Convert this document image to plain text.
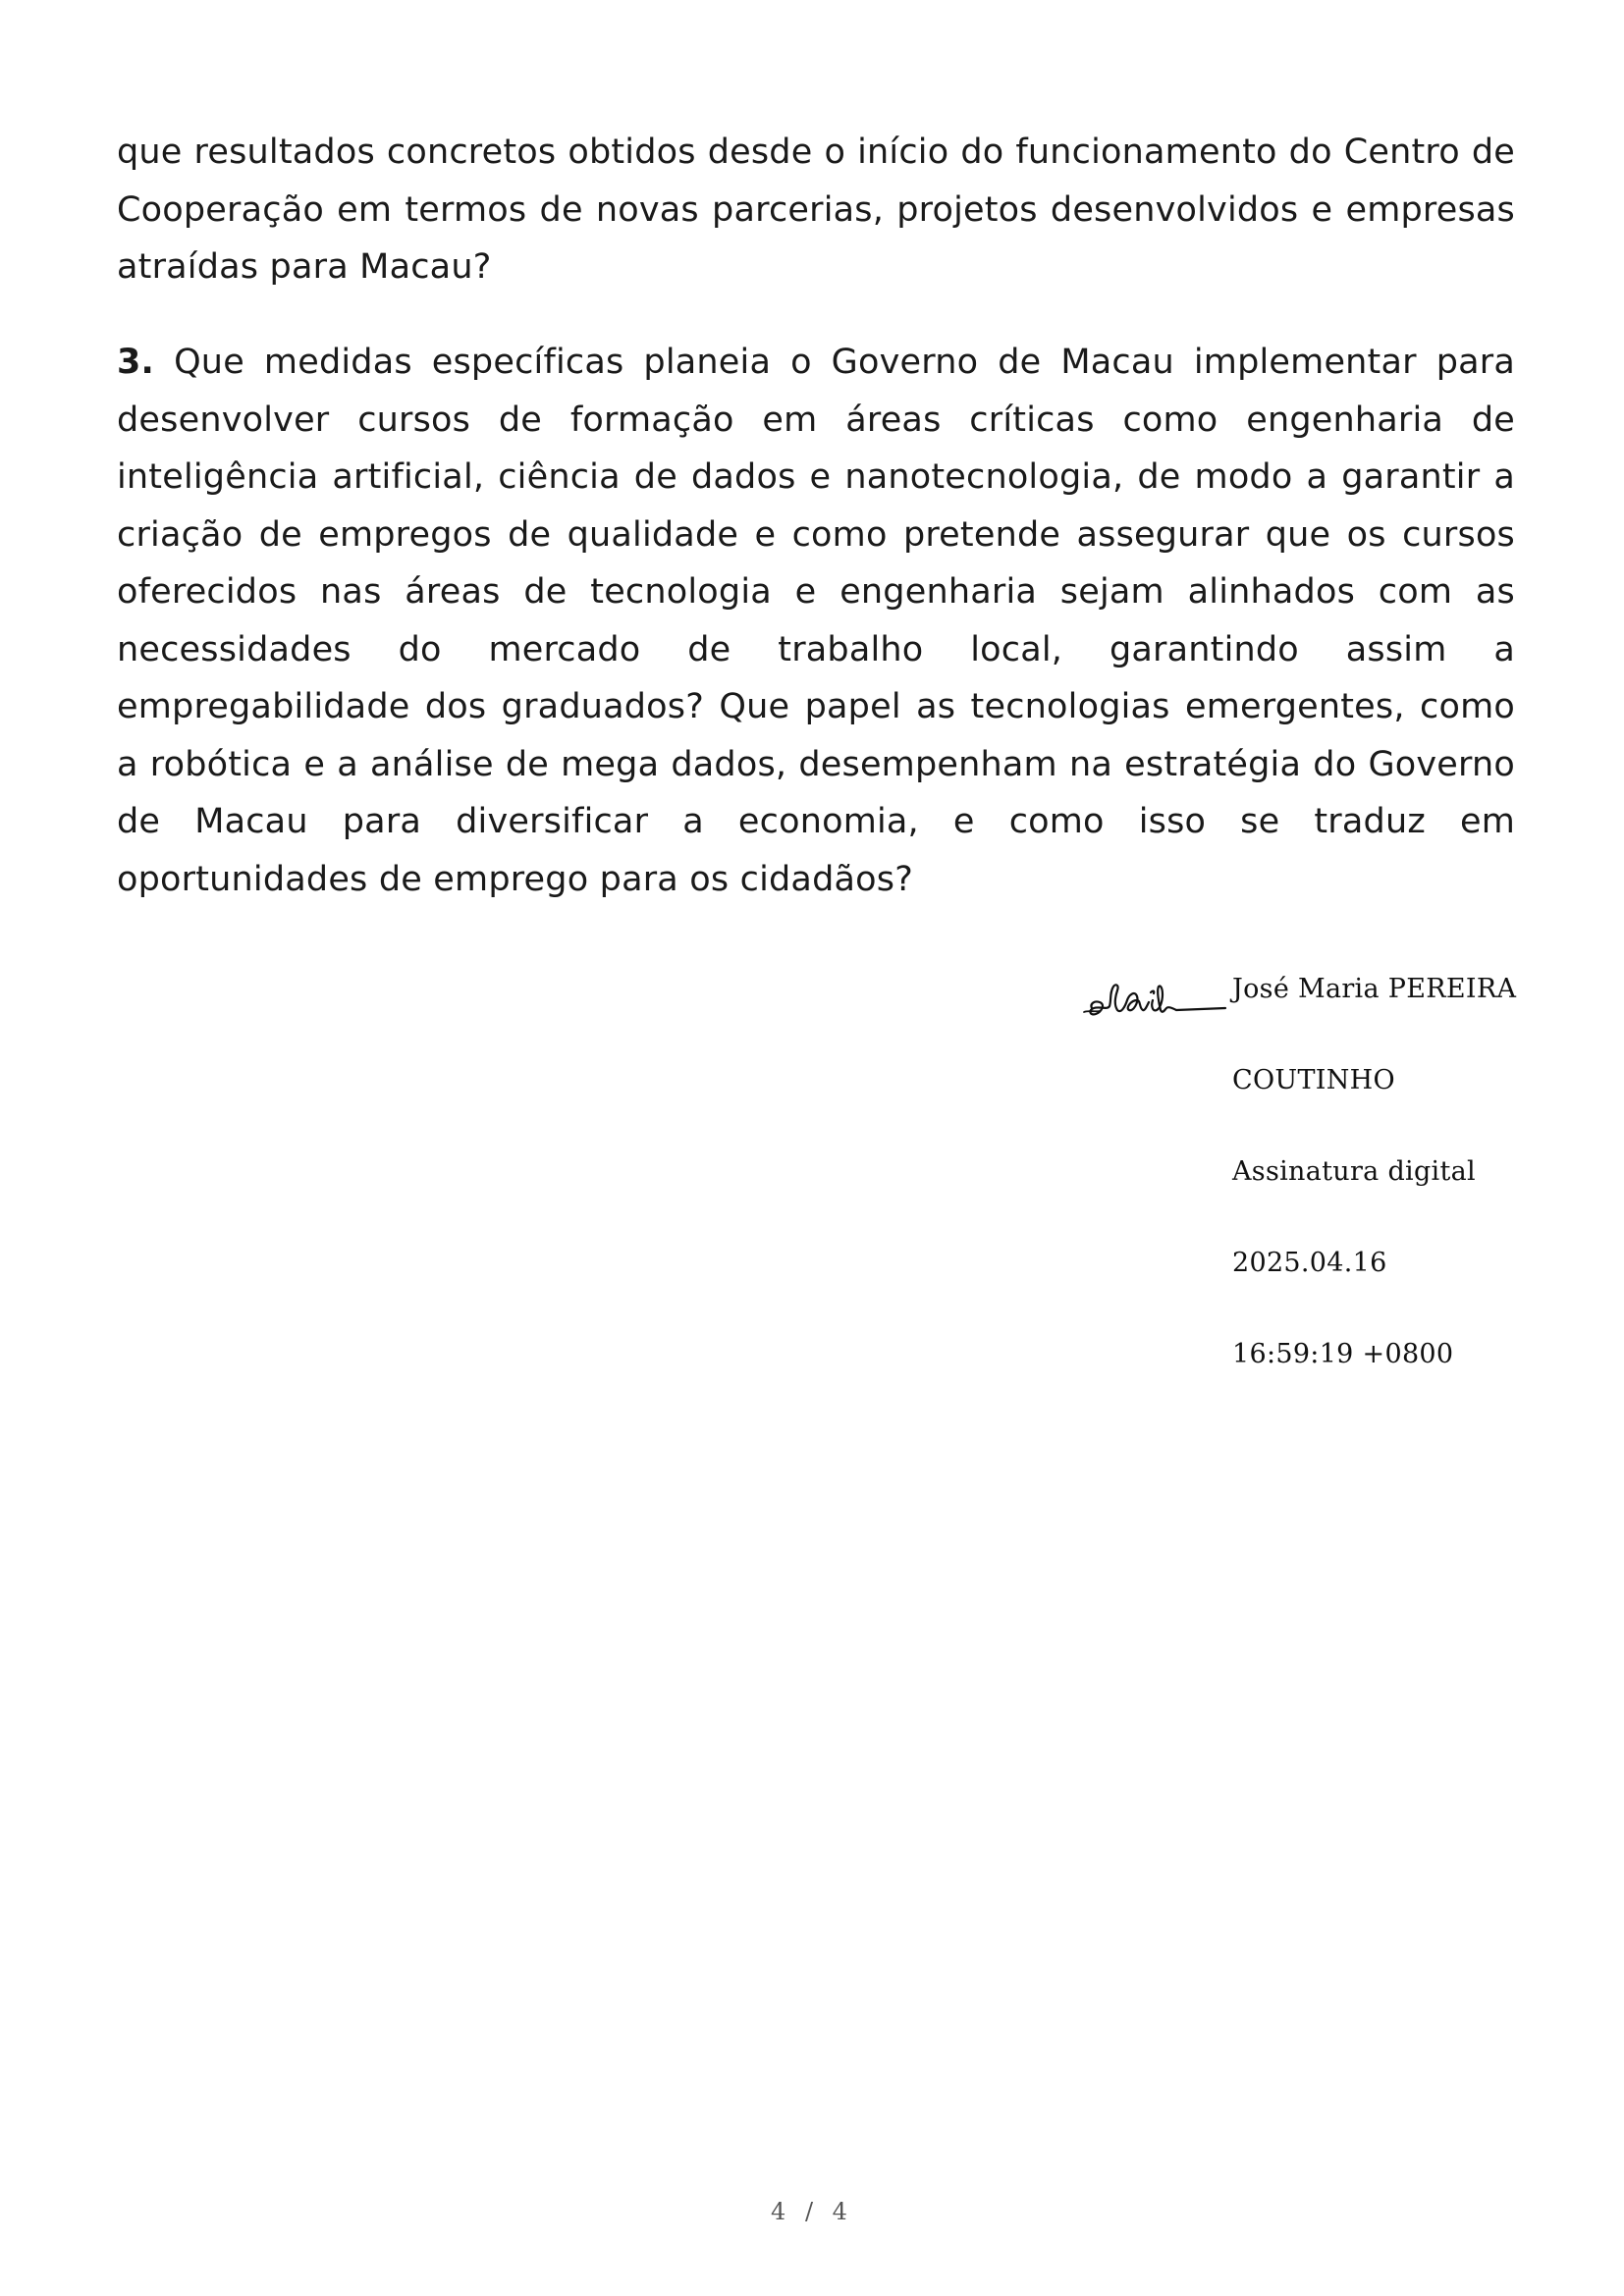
que resultados concretos obtidos desde o início do funcionamento do Centro de Cooperação em termos de novas parcerias, projetos desenvolvidos e empresas atraídas para Macau?

3. Que medidas específicas planeia o Governo de Macau implementar para desenvolver cursos de formação em áreas críticas como engenharia de inteligência artificial, ciência de dados e nanotecnologia, de modo a garantir a criação de empregos de qualidade e como pretende assegurar que os cursos oferecidos nas áreas de tecnologia e engenharia sejam alinhados com as necessidades do mercado de trabalho local, garantindo assim a empregabilidade dos graduados? Que papel as tecnologias emergentes, como a robótica e a análise de mega dados, desempenham na estratégia do Governo de Macau para diversificar a economia, e como isso se traduz em oportunidades de emprego para os cidadãos?

José Maria PEREIRA

COUTINHO

Assinatura digital

2025.04.16

16:59:19 +0800

4 / 4
